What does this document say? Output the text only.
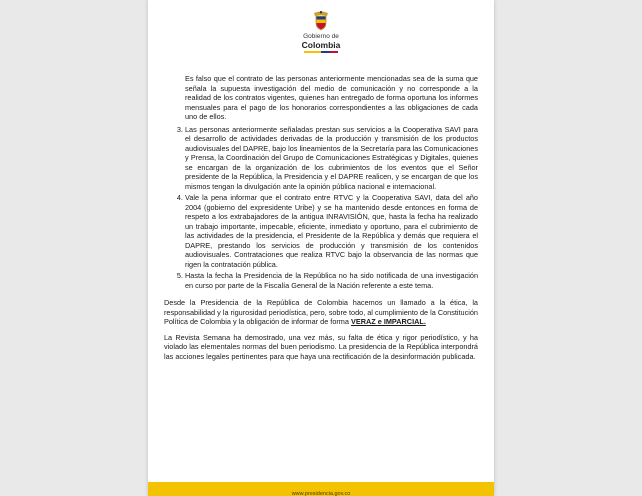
Gobierno de
Colombia

Es falso que el contrato de las personas anteriormente mencionadas sea de la suma que señala la supuesta investigación del medio de comunicación y no corresponde a la realidad de los contratos vigentes, quienes han entregado de forma oportuna los informes mensuales para el pago de los honorarios correspondientes a las obligaciones de cada uno de ellos.

3. Las personas anteriormente señaladas prestan sus servicios a la Cooperativa SAVI para el desarrollo de actividades derivadas de la producción y transmisión de los productos audiovisuales del DAPRE, bajo los lineamientos de la Secretaría para las Comunicaciones y Prensa, la Coordinación del Grupo de Comunicaciones Estratégicas y Digitales, quienes se encargan de la organización de los cubrimientos de los eventos que el Señor presidente de la República, la Presidencia y el DAPRE realicen, y se encargan de que los mismos tengan la divulgación ante la opinión pública nacional e internacional.
4. Vale la pena informar que el contrato entre RTVC y la Cooperativa SAVI, data del año 2004 (gobierno del expresidente Uribe) y se ha mantenido desde entonces en forma de respeto a los extrabajadores de la antigua INRAVISIÓN, que, hasta la fecha ha realizado un trabajo importante, impecable, eficiente, inmediato y oportuno, para el cubrimiento de las actividades de la presidencia, el Presidente de la República y demás que requiera el DAPRE, prestando los servicios de producción y transmisión de los contenidos audiovisuales. Contrataciones que realiza RTVC bajo la observancia de las normas que rigen la contratación pública.
5. Hasta la fecha la Presidencia de la República no ha sido notificada de una investigación en curso por parte de la Fiscalía General de la Nación referente a este tema.

Desde la Presidencia de la República de Colombia hacemos un llamado a la ética, la responsabilidad y la rigurosidad periodística, pero, sobre todo, al cumplimiento de la Constitución Política de Colombia y la obligación de informar de forma VERAZ e IMPARCIAL.

La Revista Semana ha demostrado, una vez más, su falta de ética y rigor periodístico, y ha violado las elementales normas del buen periodismo. La presidencia de la República interpondrá las acciones legales pertinentes para que haya una rectificación de la desinformación publicada.

www.presidencia.gov.co
